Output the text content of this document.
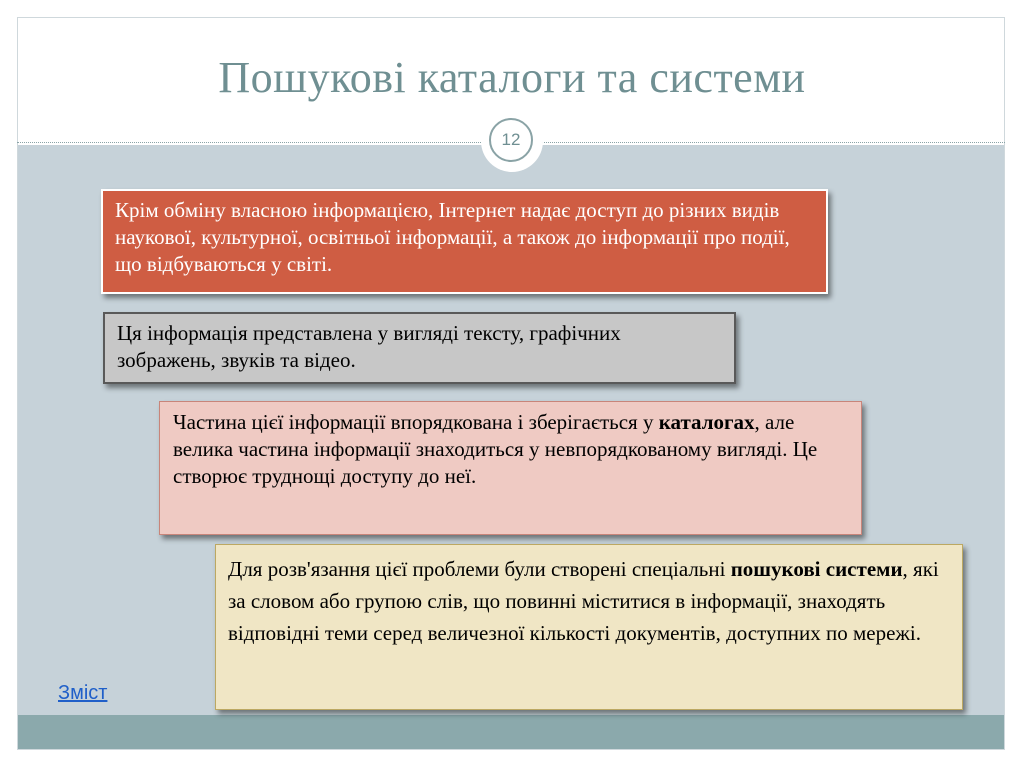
Пошукові каталоги та системи
12
Крім обміну власною інформацією, Інтернет надає доступ до різних видів наукової, культурної, освітньої інформації, а також до інформації про події, що відбуваються у світі.
Ця інформація представлена у вигляді тексту, графічних зображень, звуків та відео.
Частина цієї інформації впорядкована і зберігається у каталогах, але велика частина інформації знаходиться у невпорядкованому вигляді. Це створює труднощі доступу до неї.
Для розв'язання цієї проблеми були створені спеціальні пошукові системи, які за словом або групою слів, що повинні міститися в інформації, знаходять відповідні теми серед величезної кількості документів, доступних по мережі.
Зміст
